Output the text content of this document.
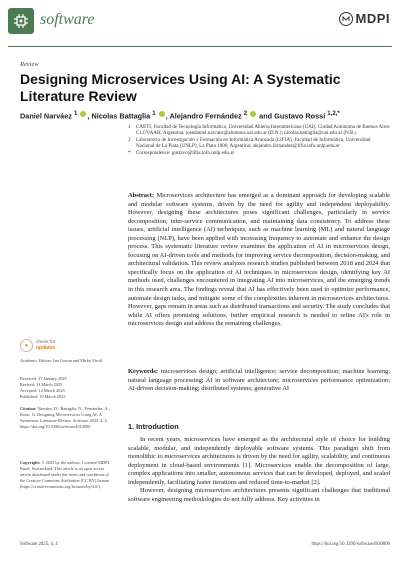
software	MDPI
Review
Designing Microservices Using AI: A Systematic Literature Review
Daniel Narváez $^1$ , Nicolas Battaglia $^1$ , Alejandro Fernández $^2$  and Gustavo Rossi $^{1,2,*}$
1	CAETI, Facultad de Tecnología Informática, Universidad Abierta Interamericana (UAI), Ciudad Autónoma de Buenos Aires C1270AAH, Argentina; josedaniel.narvaez@alumnos.uai.edu.ar (D.N.); nicolas.battaglia@uai.edu.ar (N.B.)
2	Laboratorio de Investigación y Formación en Informática Avanzada (LIFIA), Facultad de Informática, Universidad Nacional de La Plata (UNLP), La Plata 1900, Argentina; alejandro.fernandez@lifia.info.unlp.edu.ar
*	Correspondence: gustavo@lifia.info.unlp.edu.ar

Abstract: Microservices architecture has emerged as a dominant approach for developing scalable and modular software systems, driven by the need for agility and independent deployability. However, designing these architectures poses significant challenges, particularly in service decomposition, inter-service communication, and maintaining data consistency. To address these issues, artificial intelligence (AI) techniques, such as machine learning (ML) and natural language processing (NLP), have been applied with increasing frequency to automate and enhance the design process. This systematic literature review examines the application of AI in microservices design, focusing on AI-driven tools and methods for improving service decomposition, decision-making, and architectural validation. This review analyzes research studies published between 2018 and 2024 that specifically focus on the application of AI techniques in microservices design, identifying key AI methods used, challenges encountered in integrating AI into microservices, and the emerging trends in this research area. The findings reveal that AI has effectively been used to optimize performance, automate design tasks, and mitigate some of the complexities inherent in microservices architectures. However, gaps remain in areas such as distributed transactions and security. The study concludes that while AI offers promising solutions, further empirical research is needed to refine AI's role in microservices design and address the remaining challenges.

Keywords: microservices design; artificial intelligence; service decomposition; machine learning; natural language processing; AI in software architecture; microservices performance optimization; AI-driven decision-making; distributed systems; generative AI

●	check for
updates
Academic Editors: Ian Gorton and Mirko Viroli

Received: 27 January 2025

Revised: 11 March 2025

Accepted: 14 March 2025

Published: 19 March 2025

Citation: Narváez, D.; Battaglia, N.; Fernández, A.; Rossi, G. Designing Microservices Using AI: A Systematic Literature Review. Software 2025, 4, 4. https://doi.org/10.3390/software4010006
Copyright: © 2025 by the authors. Licensee MDPI, Basel, Switzerland. This article is an open access article distributed under the terms and conditions of the Creative Commons Attribution (CC BY) license (https://creativecommons.org/licenses/by/4.0/).
1. Introduction

In recent years, microservices have emerged as the architectural style of choice for building scalable, modular, and independently deployable software systems. This paradigm shift from monolithic to microservices architectures is driven by the need for agility, scalability, and continuous deployment in cloud-based environments [1]. Microservices enable the decomposition of large, complex applications into smaller, autonomous services that can be developed, deployed, and scaled independently, facilitating faster iterations and reduced time-to-market [2].

However, designing microservices architectures presents significant challenges that traditional software engineering methodologies do not fully address. Key activities in

Software 2025, 4, 4	https://doi.org/10.3390/software4010006
